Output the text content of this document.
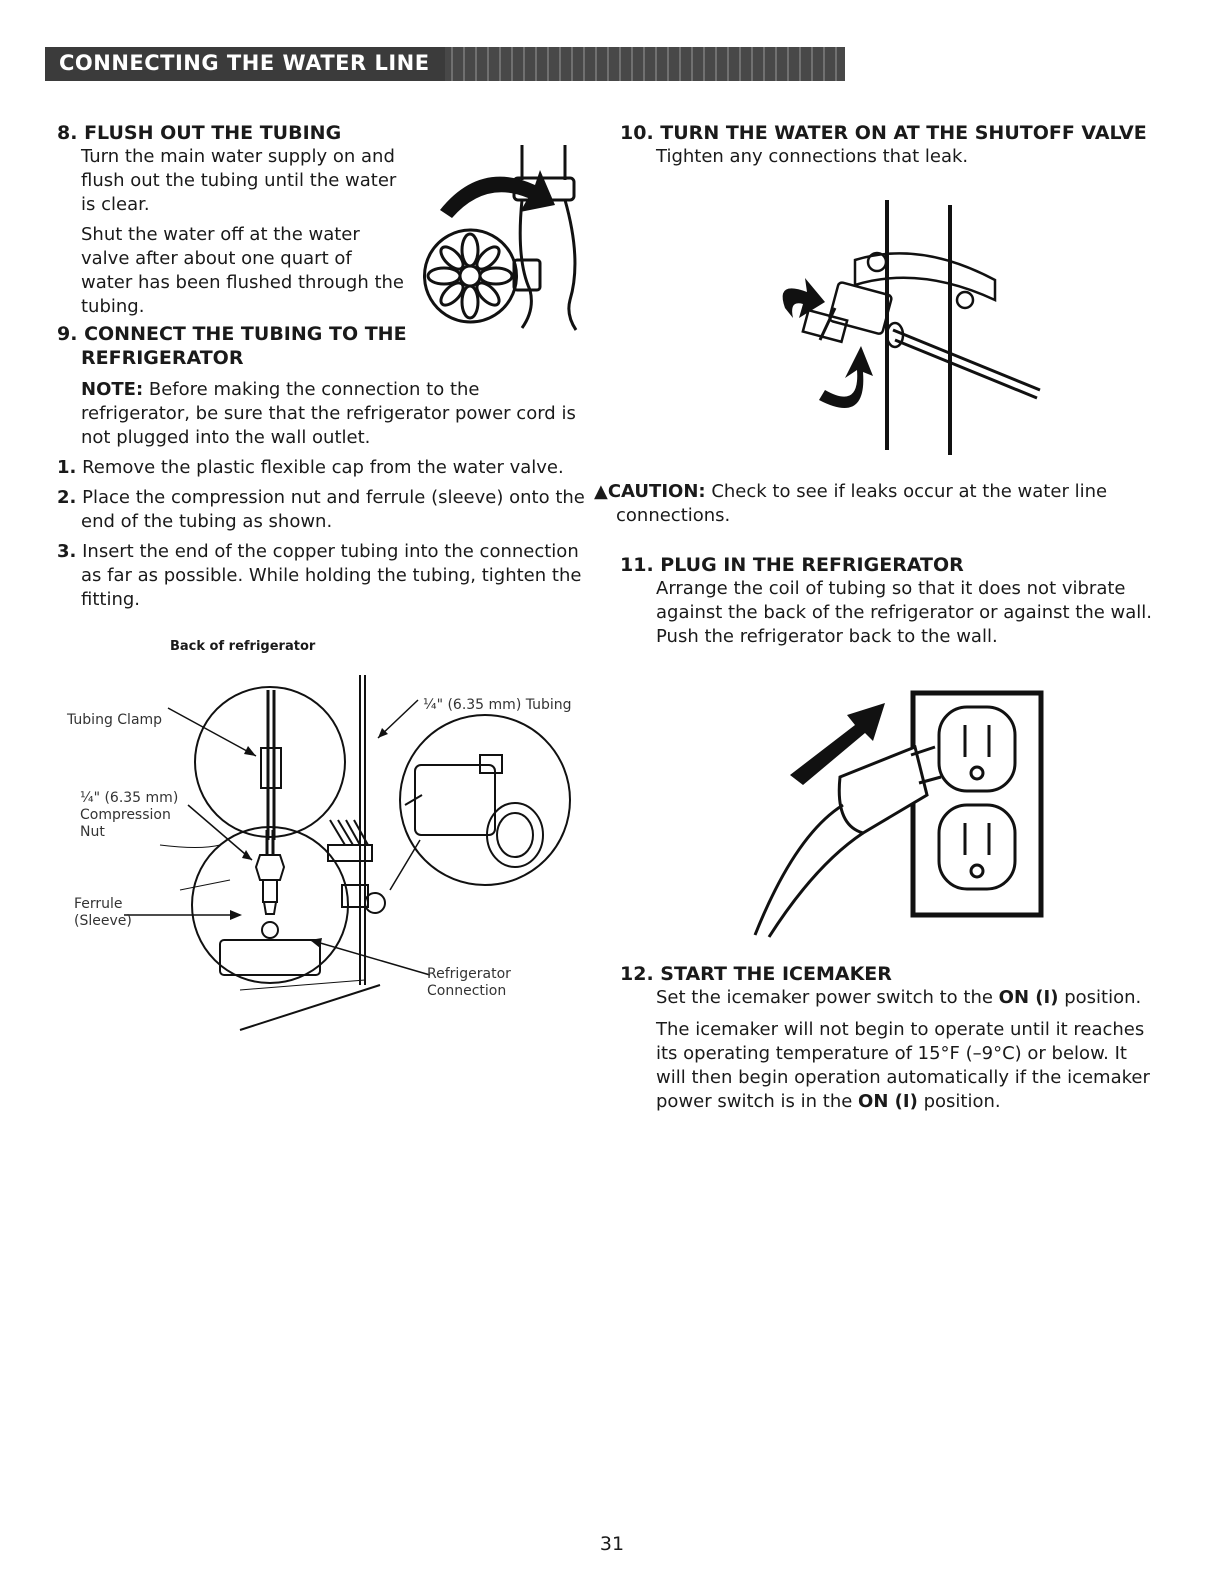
CONNECTING THE WATER LINE
8. FLUSH OUT THE TUBING
Turn the main water supply on and
flush out the tubing until the water
is clear.
Shut the water off at the water
valve after about one quart of
water has been flushed through the
tubing.
9. CONNECT THE TUBING TO THE
REFRIGERATOR
NOTE: Before making the connection to the
refrigerator, be sure that the refrigerator power cord is
not plugged into the wall outlet.
1. Remove the plastic flexible cap from the water valve.
2. Place the compression nut and ferrule (sleeve) onto the
end of the tubing as shown.
3. Insert the end of the copper tubing into the connection
as far as possible. While holding the tubing, tighten the
fitting.
Back of refrigerator
Tubing Clamp
¼" (6.35 mm) Tubing
¼" (6.35 mm)
Compression
Nut
Ferrule
(Sleeve)
Refrigerator
Connection
10. TURN THE WATER ON AT THE SHUTOFF VALVE
Tighten any connections that leak.
▲CAUTION: Check to see if leaks occur at the water line
connections.
11. PLUG IN THE REFRIGERATOR
Arrange the coil of tubing so that it does not vibrate
against the back of the refrigerator or against the wall.
Push the refrigerator back to the wall.
12. START THE ICEMAKER
Set the icemaker power switch to the ON (I) position.
The icemaker will not begin to operate until it reaches
its operating temperature of 15°F (–9°C) or below. It
will then begin operation automatically if the icemaker
power switch is in the ON (I) position.
31
